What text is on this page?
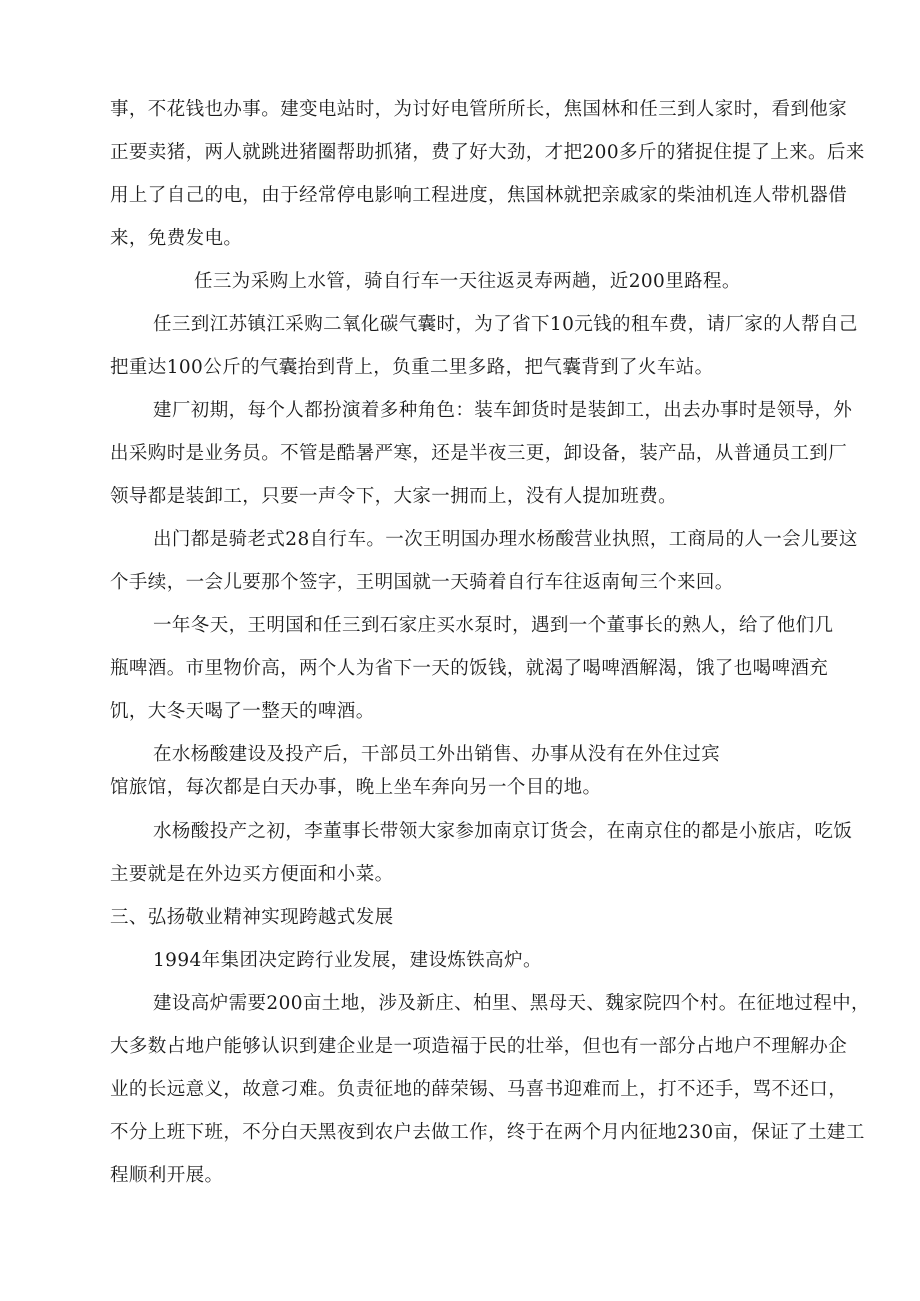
事，不花钱也办事。建变电站时，为讨好电管所所长，焦国林和任三到人家时，看到他家
正要卖猪，两人就跳进猪圈帮助抓猪，费了好大劲，才把200多斤的猪捉住提了上来。后来
用上了自己的电，由于经常停电影响工程进度，焦国林就把亲戚家的柴油机连人带机器借
来，免费发电。
任三为采购上水管，骑自行车一天往返灵寿两趟，近200里路程。
任三到江苏镇江采购二氧化碳气囊时，为了省下10元钱的租车费，请厂家的人帮自己
把重达100公斤的气囊抬到背上，负重二里多路，把气囊背到了火车站。
建厂初期，每个人都扮演着多种角色：装车卸货时是装卸工，出去办事时是领导，外
出采购时是业务员。不管是酷暑严寒，还是半夜三更，卸设备，装产品，从普通员工到厂
领导都是装卸工，只要一声令下，大家一拥而上，没有人提加班费。
出门都是骑老式28自行车。一次王明国办理水杨酸营业执照，工商局的人一会儿要这
个手续，一会儿要那个签字，王明国就一天骑着自行车往返南甸三个来回。
一年冬天，王明国和任三到石家庄买水泵时，遇到一个董事长的熟人，给了他们几
瓶啤酒。市里物价高，两个人为省下一天的饭钱，就渴了喝啤酒解渴，饿了也喝啤酒充
饥，大冬天喝了一整天的啤酒。
在水杨酸建设及投产后，干部员工外出销售、办事从没有在外住过宾
馆旅馆，每次都是白天办事，晚上坐车奔向另一个目的地。
水杨酸投产之初，李董事长带领大家参加南京订货会，在南京住的都是小旅店，吃饭
主要就是在外边买方便面和小菜。
三、弘扬敬业精神实现跨越式发展
1994年集团决定跨行业发展，建设炼铁高炉。
建设高炉需要200亩土地，涉及新庄、柏里、黑母天、魏家院四个村。在征地过程中，
大多数占地户能够认识到建企业是一项造福于民的壮举，但也有一部分占地户不理解办企
业的长远意义，故意刁难。负责征地的薛荣锡、马喜书迎难而上，打不还手，骂不还口，
不分上班下班，不分白天黑夜到农户去做工作，终于在两个月内征地230亩，保证了土建工
程顺利开展。
